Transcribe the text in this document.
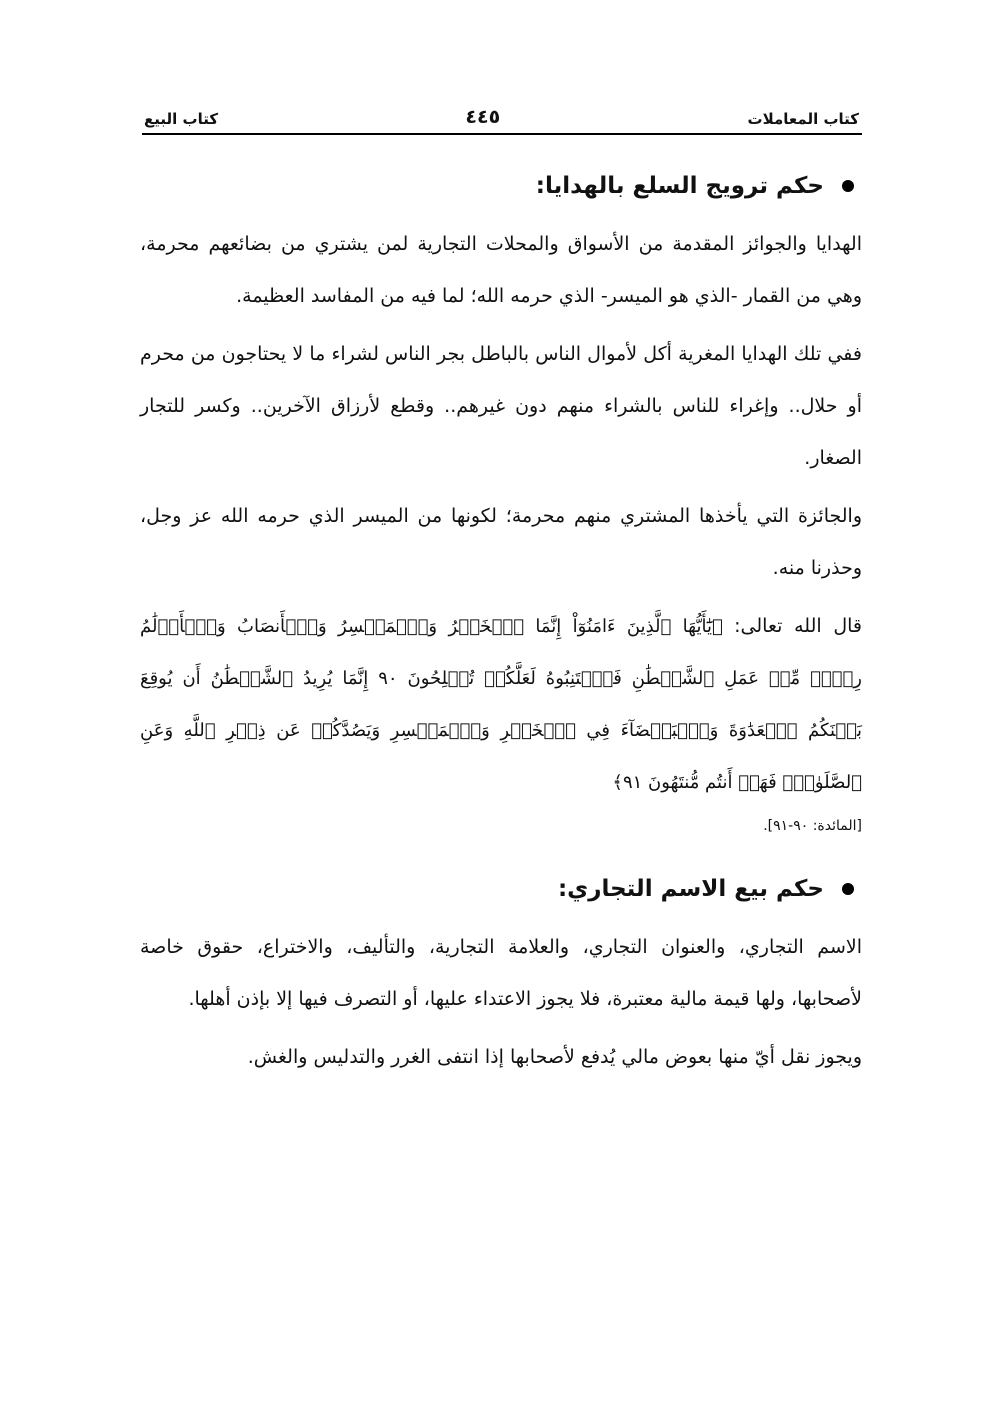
كتاب المعاملات
٤٤٥
كتاب البيع
حكم ترويج السلع بالهدايا:

الهدايا والجوائز المقدمة من الأسواق والمحلات التجارية لمن يشتري من بضائعهم محرمة، وهي من القمار -الذي هو الميسر- الذي حرمه الله؛ لما فيه من المفاسد العظيمة.

ففي تلك الهدايا المغرية أكل لأموال الناس بالباطل بجر الناس لشراء ما لا يحتاجون من محرم أو حلال.. وإغراء للناس بالشراء منهم دون غيرهم.. وقطع لأرزاق الآخرين.. وكسر للتجار الصغار.

والجائزة التي يأخذها المشتري منهم محرمة؛ لكونها من الميسر الذي حرمه الله عز وجل، وحذرنا منه.

قال الله تعالى: ﴿يَٰٓأَيُّهَا ٱلَّذِينَ ءَامَنُوٓاْ إِنَّمَا ٱلۡخَمۡرُ وَٱلۡمَيۡسِرُ وَٱلۡأَنصَابُ وَٱلۡأَزۡلَٰمُ رِجۡسٞ مِّنۡ عَمَلِ ٱلشَّيۡطَٰنِ فَٱجۡتَنِبُوهُ لَعَلَّكُمۡ تُفۡلِحُونَ ٩٠ إِنَّمَا يُرِيدُ ٱلشَّيۡطَٰنُ أَن يُوقِعَ بَيۡنَكُمُ ٱلۡعَدَٰوَةَ وَٱلۡبَغۡضَآءَ فِي ٱلۡخَمۡرِ وَٱلۡمَيۡسِرِ وَيَصُدَّكُمۡ عَن ذِكۡرِ ٱللَّهِ وَعَنِ ٱلصَّلَوٰةِۖ فَهَلۡ أَنتُم مُّنتَهُونَ ٩١﴾

[المائدة: ٩٠-٩١].

حكم بيع الاسم التجاري:

الاسم التجاري، والعنوان التجاري، والعلامة التجارية، والتأليف، والاختراع، حقوق خاصة لأصحابها، ولها قيمة مالية معتبرة، فلا يجوز الاعتداء عليها، أو التصرف فيها إلا بإذن أهلها.

ويجوز نقل أيّ منها بعوض مالي يُدفع لأصحابها إذا انتفى الغرر والتدليس والغش.
